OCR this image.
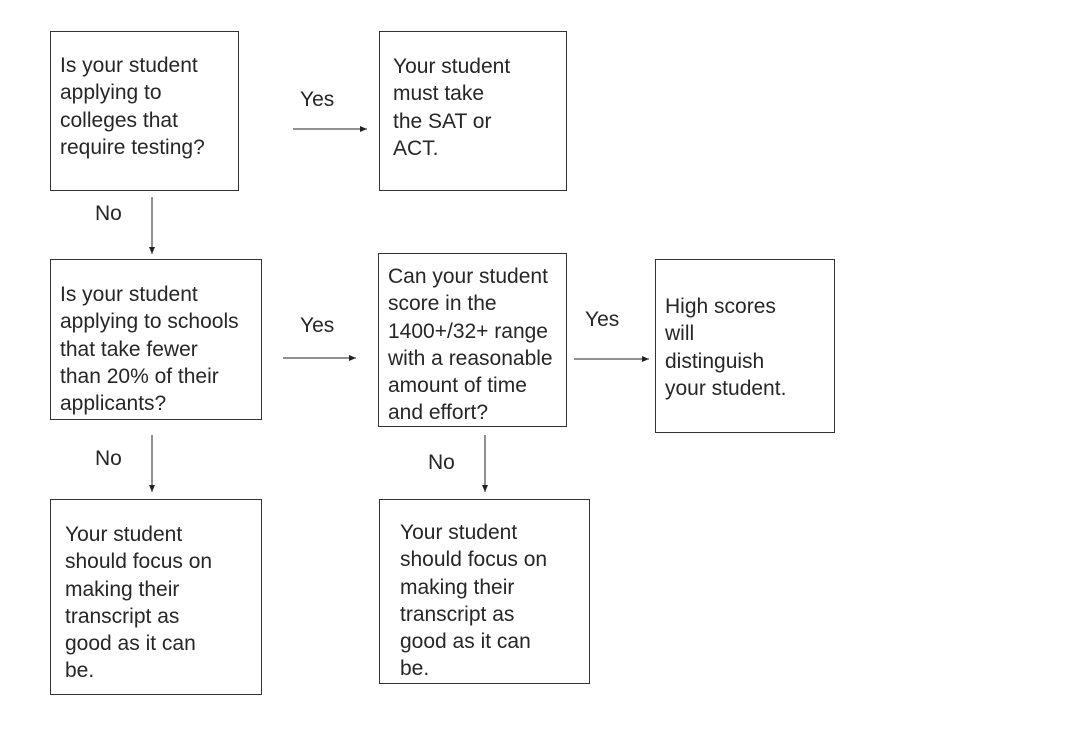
Is your student
applying to
colleges that
require testing?
Your student
must take
the SAT or
ACT.
Is your student
applying to schools
that take fewer
than 20% of their
applicants?
Can your student
score in the
1400+/32+ range
with a reasonable
amount of time
and effort?
High scores
will
distinguish
your student.
Your student
should focus on
making their
transcript as
good as it can
be.
Your student
should focus on
making their
transcript as
good as it can
be.
Yes
No
Yes
No
Yes
No
